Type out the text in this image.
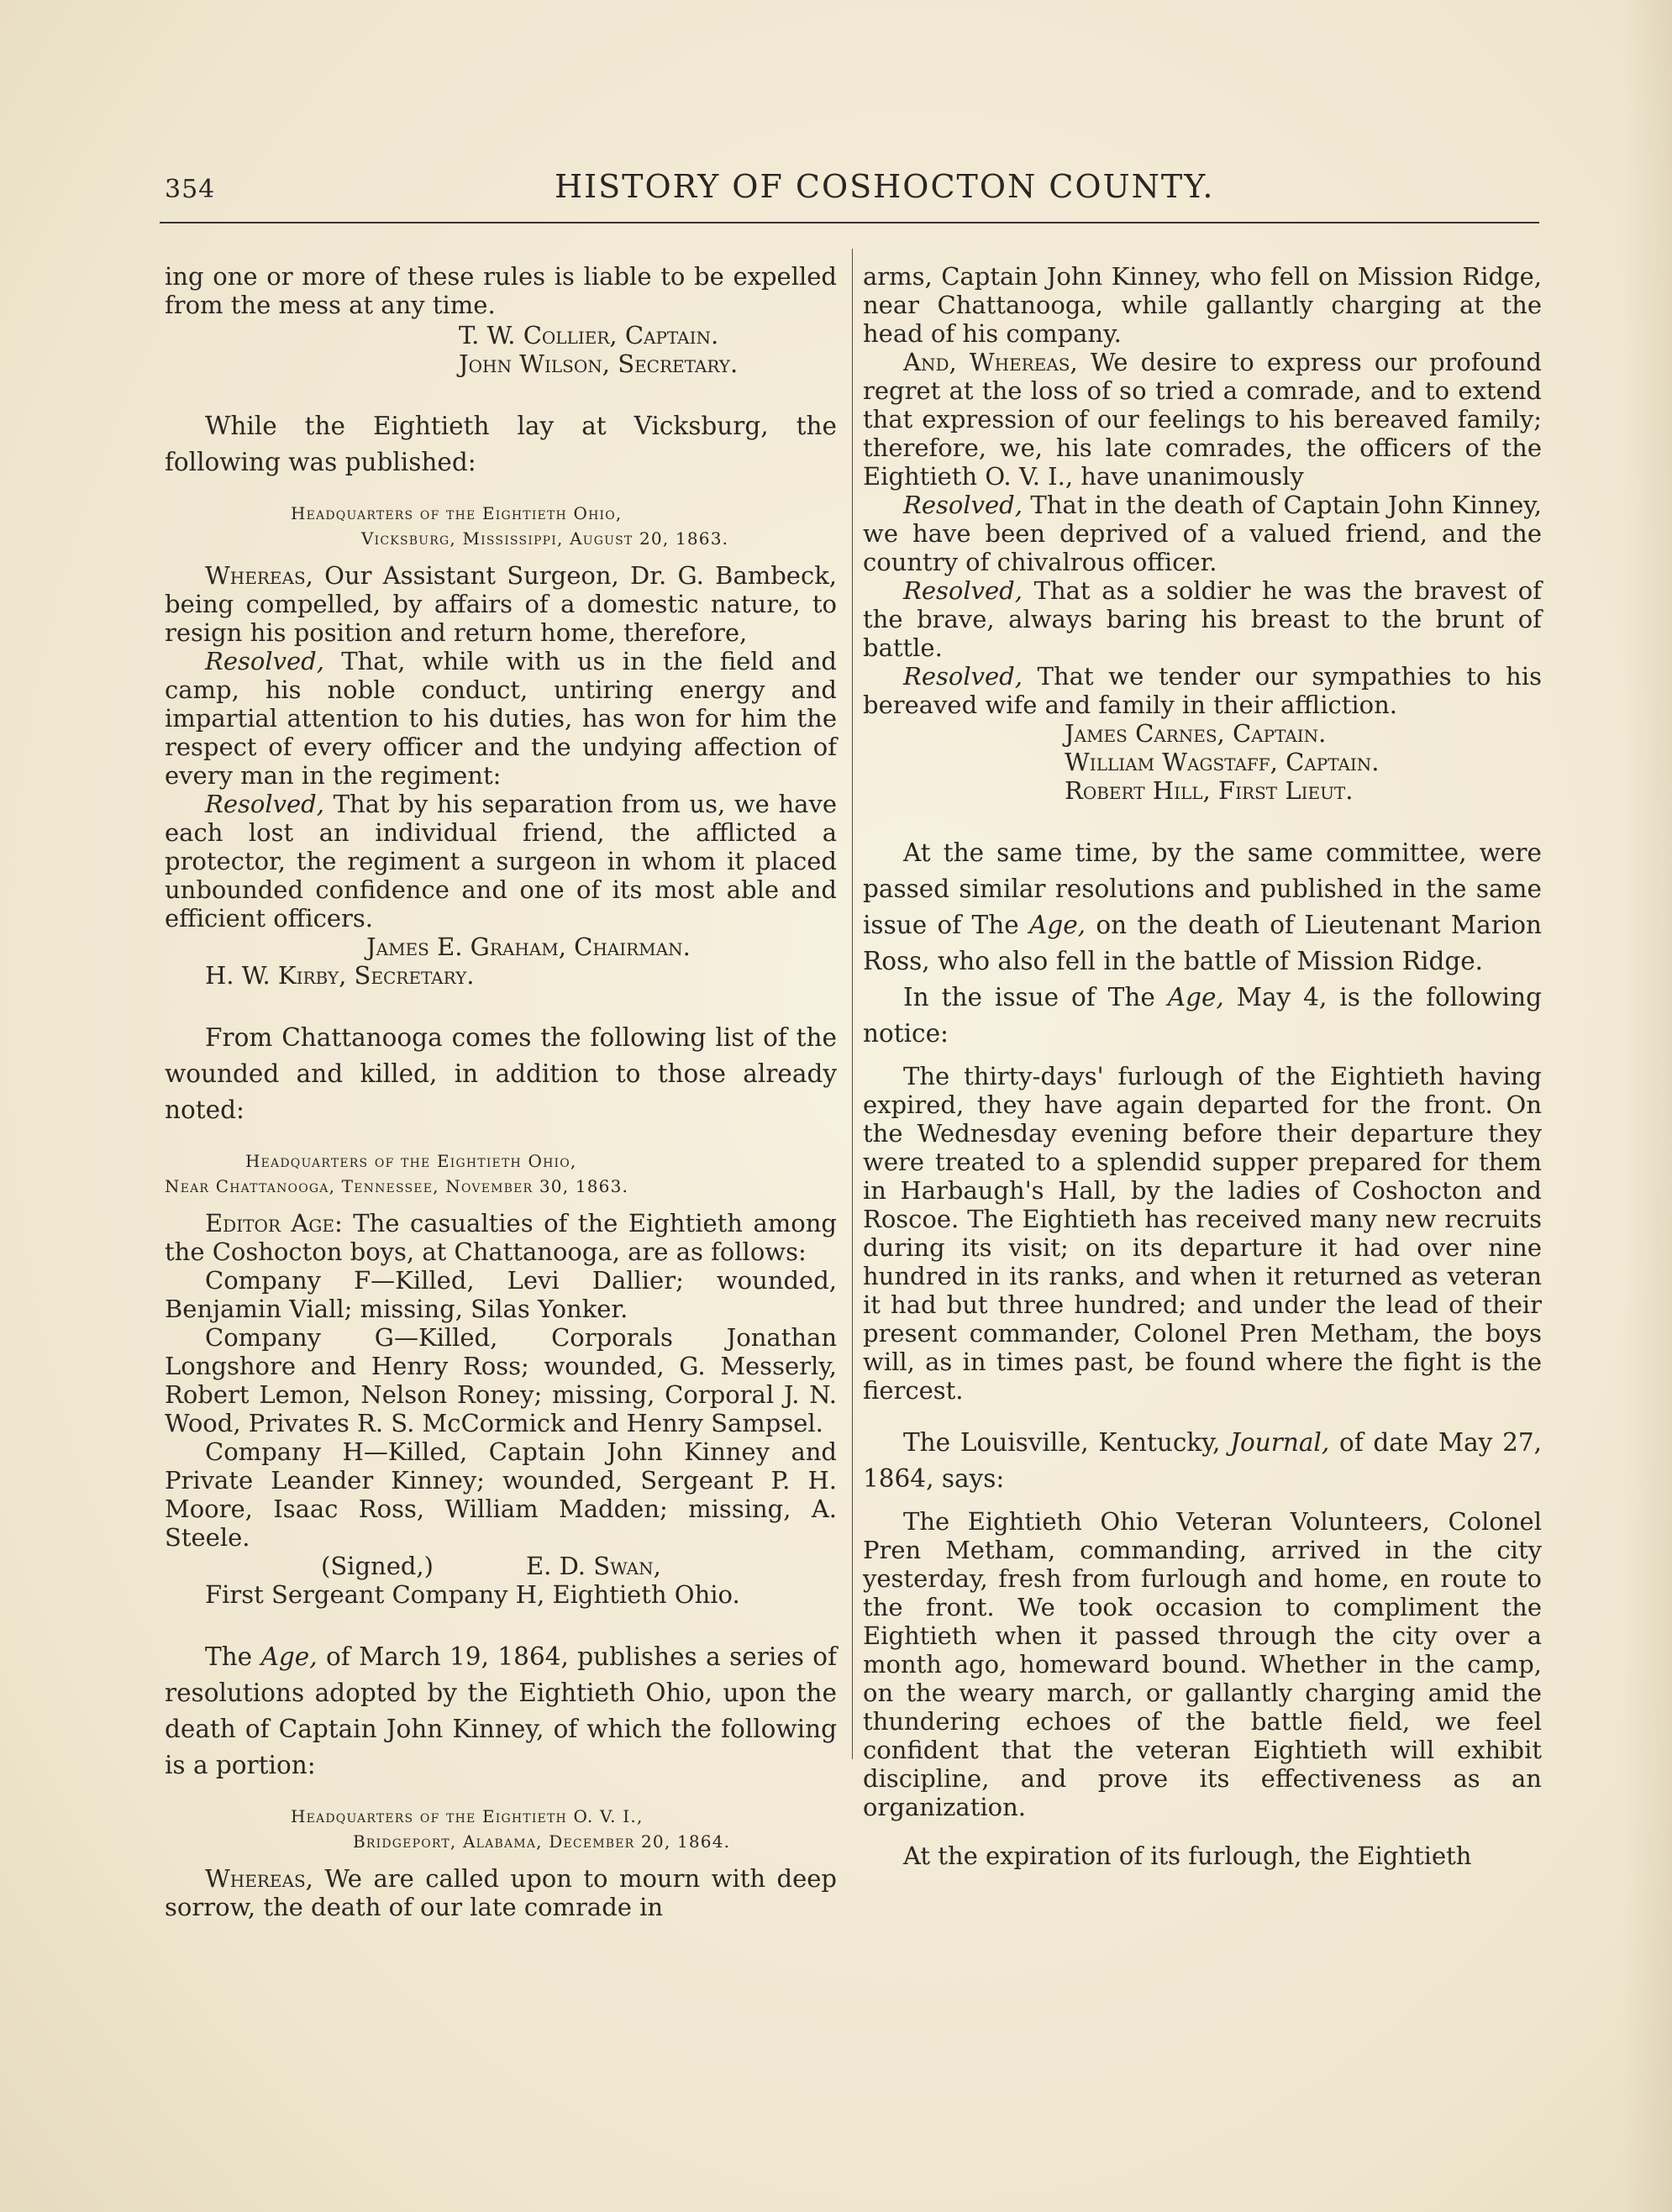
354	HISTORY OF COSHOCTON COUNTY.

ing one or more of these rules is liable to be expelled from the mess at any time.

T. W. Collier, Captain.

John Wilson, Secretary.

While the Eightieth lay at Vicksburg, the following was published:

Headquarters of the Eightieth Ohio,
Vicksburg, Mississippi, August 20, 1863.

Whereas, Our Assistant Surgeon, Dr. G. Bambeck, being compelled, by affairs of a domestic nature, to resign his position and return home, therefore,

Resolved, That, while with us in the field and camp, his noble conduct, untiring energy and impartial attention to his duties, has won for him the respect of every officer and the undying affection of every man in the regiment:

Resolved, That by his separation from us, we have each lost an individual friend, the afflicted a protector, the regiment a surgeon in whom it placed unbounded confidence and one of its most able and efficient officers.

James E. Graham, Chairman.

H. W. Kirby, Secretary.

From Chattanooga comes the following list of the wounded and killed, in addition to those already noted:

Headquarters of the Eightieth Ohio,
Near Chattanooga, Tennessee, November 30, 1863.

Editor Age: The casualties of the Eightieth among the Coshocton boys, at Chattanooga, are as follows:

Company F—Killed, Levi Dallier; wounded, Benjamin Viall; missing, Silas Yonker.

Company G—Killed, Corporals Jonathan Longshore and Henry Ross; wounded, G. Messerly, Robert Lemon, Nelson Roney; missing, Corporal J. N. Wood, Privates R. S. McCormick and Henry Sampsel.

Company H—Killed, Captain John Kinney and Private Leander Kinney; wounded, Sergeant P. H. Moore, Isaac Ross, William Madden; missing, A. Steele.

(Signed,)	E. D. Swan,

First Sergeant Company H, Eightieth Ohio.

The Age, of March 19, 1864, publishes a series of resolutions adopted by the Eightieth Ohio, upon the death of Captain John Kinney, of which the following is a portion:

Headquarters of the Eightieth O. V. I.,
Bridgeport, Alabama, December 20, 1864.

Whereas, We are called upon to mourn with deep sorrow, the death of our late comrade in

arms, Captain John Kinney, who fell on Mission Ridge, near Chattanooga, while gallantly charging at the head of his company.

And, Whereas, We desire to express our profound regret at the loss of so tried a comrade, and to extend that expression of our feelings to his bereaved family; therefore, we, his late comrades, the officers of the Eightieth O. V. I., have unanimously

Resolved, That in the death of Captain John Kinney, we have been deprived of a valued friend, and the country of chivalrous officer.

Resolved, That as a soldier he was the bravest of the brave, always baring his breast to the brunt of battle.

Resolved, That we tender our sympathies to his bereaved wife and family in their affliction.

James Carnes, Captain.

William Wagstaff, Captain.

Robert Hill, First Lieut.

At the same time, by the same committee, were passed similar resolutions and published in the same issue of The Age, on the death of Lieutenant Marion Ross, who also fell in the battle of Mission Ridge.

In the issue of The Age, May 4, is the following notice:

The thirty-days' furlough of the Eightieth having expired, they have again departed for the front. On the Wednesday evening before their departure they were treated to a splendid supper prepared for them in Harbaugh's Hall, by the ladies of Coshocton and Roscoe. The Eightieth has received many new recruits during its visit; on its departure it had over nine hundred in its ranks, and when it returned as veteran it had but three hundred; and under the lead of their present commander, Colonel Pren Metham, the boys will, as in times past, be found where the fight is the fiercest.

The Louisville, Kentucky, Journal, of date May 27, 1864, says:

The Eightieth Ohio Veteran Volunteers, Colonel Pren Metham, commanding, arrived in the city yesterday, fresh from furlough and home, en route to the front. We took occasion to compliment the Eightieth when it passed through the city over a month ago, homeward bound. Whether in the camp, on the weary march, or gallantly charging amid the thundering echoes of the battle field, we feel confident that the veteran Eightieth will exhibit discipline, and prove its effectiveness as an organization.

At the expiration of its furlough, the Eightieth
